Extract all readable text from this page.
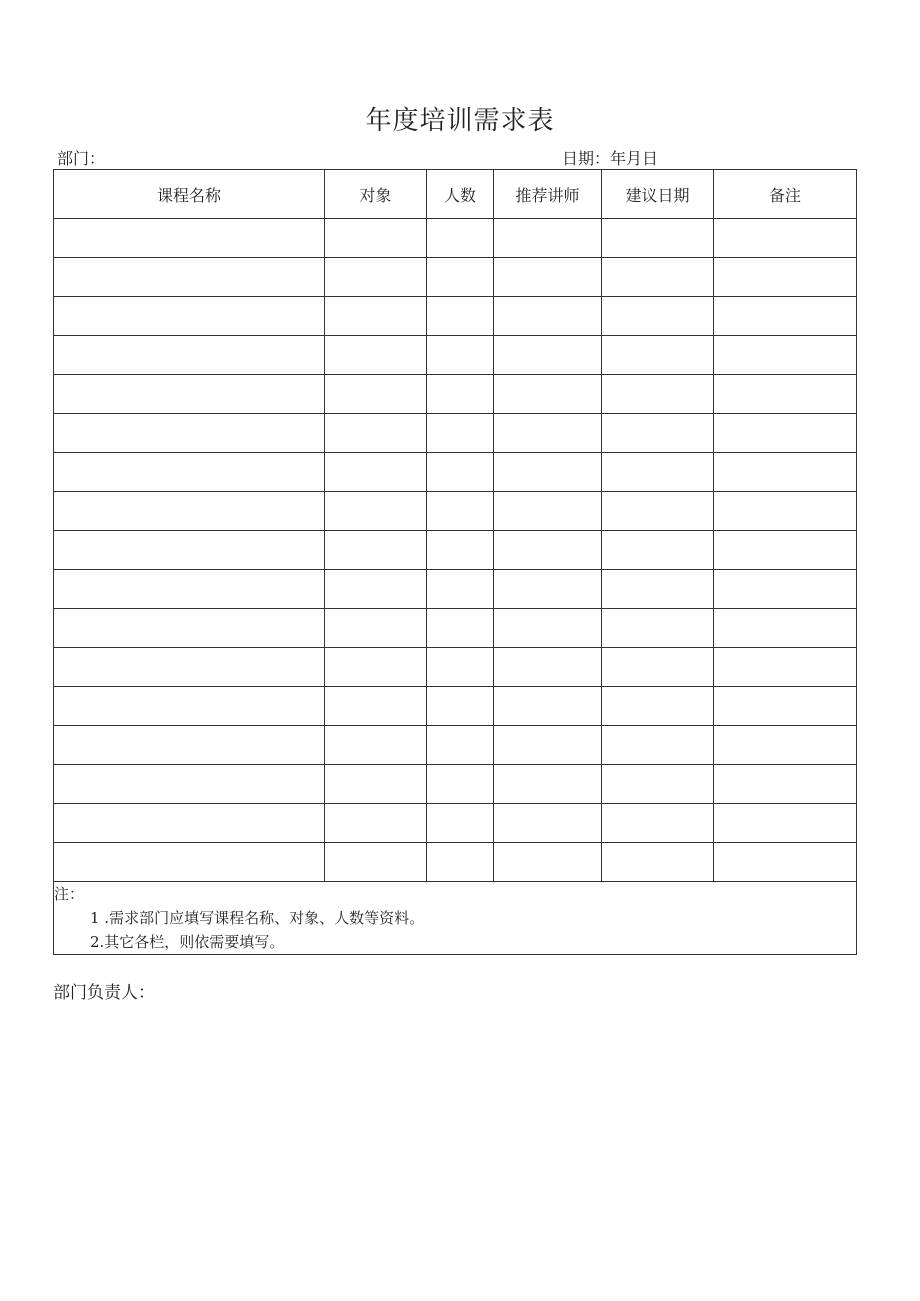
年度培训需求表
部门：	日期：年月日
课程名称	对象	人数	推荐讲师	建议日期	备注

注：
1 .需求部门应填写课程名称、对象、人数等资料。
2.其它各栏，则依需要填写。					
部门负责人：
